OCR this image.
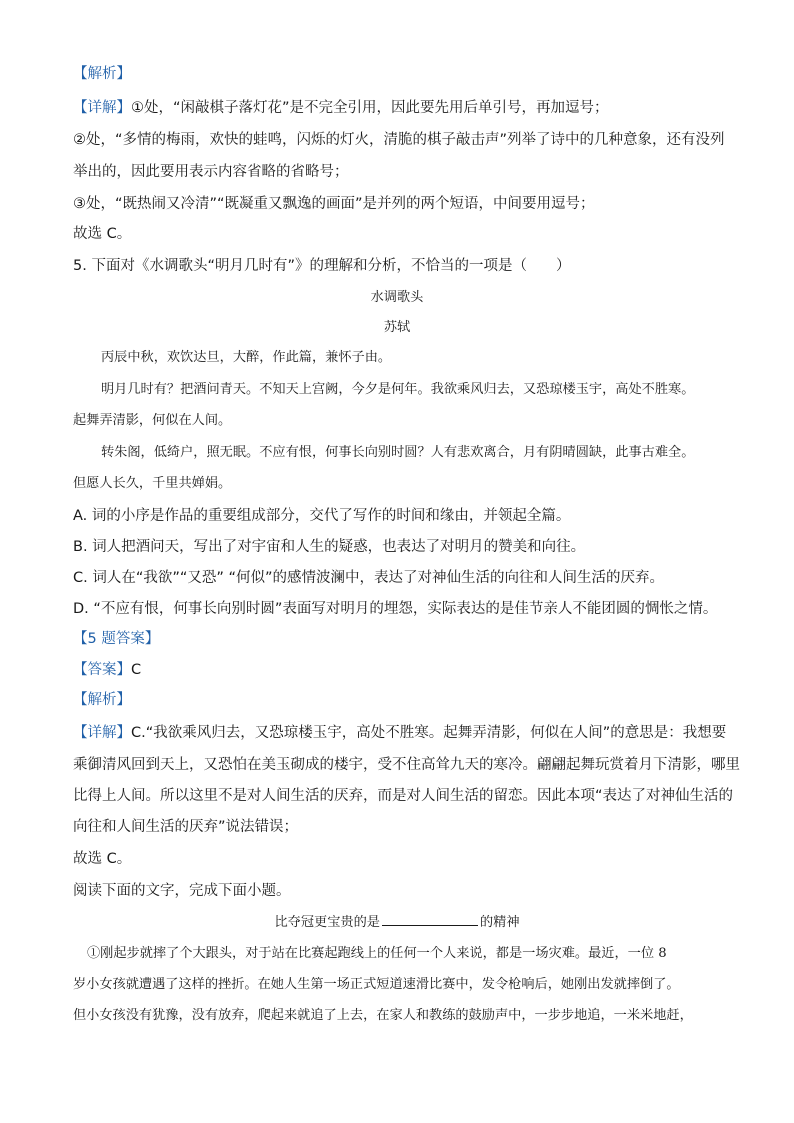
【解析】
【详解】①处，“闲敲棋子落灯花”是不完全引用，因此要先用后单引号，再加逗号；
②处，“多情的梅雨，欢快的蛙鸣，闪烁的灯火，清脆的棋子敲击声”列举了诗中的几种意象，还有没列
举出的，因此要用表示内容省略的省略号；
③处，“既热闹又冷清”“既凝重又飘逸的画面”是并列的两个短语，中间要用逗号；
故选 C。
5. 下面对《水调歌头“明月几时有”》的理解和分析，不恰当的一项是（　　）
水调歌头
苏轼
丙辰中秋，欢饮达旦，大醉，作此篇，兼怀子由。
明月几时有？把酒问青天。不知天上宫阙，今夕是何年。我欲乘风归去，又恐琼楼玉宇，高处不胜寒。
起舞弄清影，何似在人间。
转朱阁，低绮户，照无眠。不应有恨，何事长向别时圆？人有悲欢离合，月有阴晴圆缺，此事古难全。
但愿人长久，千里共婵娟。
A. 词的小序是作品的重要组成部分，交代了写作的时间和缘由，并领起全篇。
B. 词人把酒问天，写出了对宇宙和人生的疑惑，也表达了对明月的赞美和向往。
C. 词人在“我欲”“又恐” “何似”的感情波澜中，表达了对神仙生活的向往和人间生活的厌弃。
D. “不应有恨，何事长向别时圆”表面写对明月的埋怨，实际表达的是佳节亲人不能团圆的惆怅之情。
【5 题答案】
【答案】C
【解析】
【详解】C.“我欲乘风归去，又恐琼楼玉宇，高处不胜寒。起舞弄清影，何似在人间”的意思是：我想要
乘御清风回到天上，又恐怕在美玉砌成的楼宇，受不住高耸九天的寒冷。翩翩起舞玩赏着月下清影，哪里
比得上人间。所以这里不是对人间生活的厌弃，而是对人间生活的留恋。因此本项“表达了对神仙生活的
向往和人间生活的厌弃”说法错误；
故选 C。
阅读下面的文字，完成下面小题。
比夺冠更宝贵的是	的精神
①刚起步就摔了个大跟头，对于站在比赛起跑线上的任何一个人来说，都是一场灾难。最近，一位 8
岁小女孩就遭遇了这样的挫折。在她人生第一场正式短道速滑比赛中，发令枪响后，她刚出发就摔倒了。
但小女孩没有犹豫，没有放弃，爬起来就追了上去，在家人和教练的鼓励声中，一步步地追，一米米地赶，
